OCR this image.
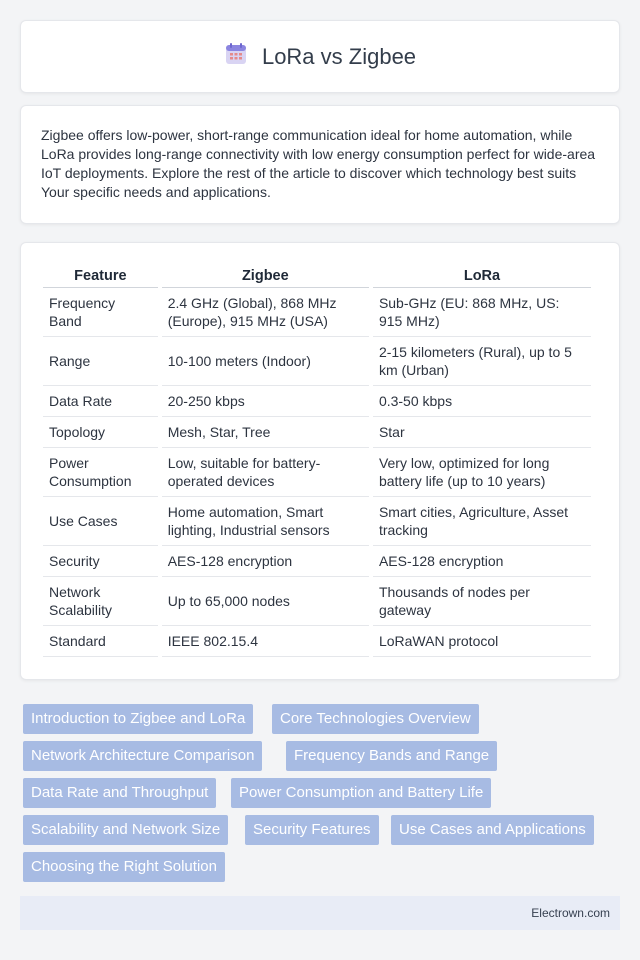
LoRa vs Zigbee

Zigbee offers low-power, short-range communication ideal for home automation, while LoRa provides long-range connectivity with low energy consumption perfect for wide-area IoT deployments. Explore the rest of the article to discover which technology best suits Your specific needs and applications.

Feature	Zigbee	LoRa
Frequency Band	2.4 GHz (Global), 868 MHz (Europe), 915 MHz (USA)	Sub-GHz (EU: 868 MHz, US: 915 MHz)
Range	10-100 meters (Indoor)	2-15 kilometers (Rural), up to 5 km (Urban)
Data Rate	20-250 kbps	0.3-50 kbps
Topology	Mesh, Star, Tree	Star
Power Consumption	Low, suitable for battery-operated devices	Very low, optimized for long battery life (up to 10 years)
Use Cases	Home automation, Smart lighting, Industrial sensors	Smart cities, Agriculture, Asset tracking
Security	AES-128 encryption	AES-128 encryption
Network Scalability	Up to 65,000 nodes	Thousands of nodes per gateway
Standard	IEEE 802.15.4	LoRaWAN protocol
Introduction to Zigbee and LoRa	Core Technologies Overview
Network Architecture Comparison	Frequency Bands and Range
Data Rate and Throughput	Power Consumption and Battery Life
Scalability and Network Size	Security Features	Use Cases and Applications
Choosing the Right Solution
Electrown.com
